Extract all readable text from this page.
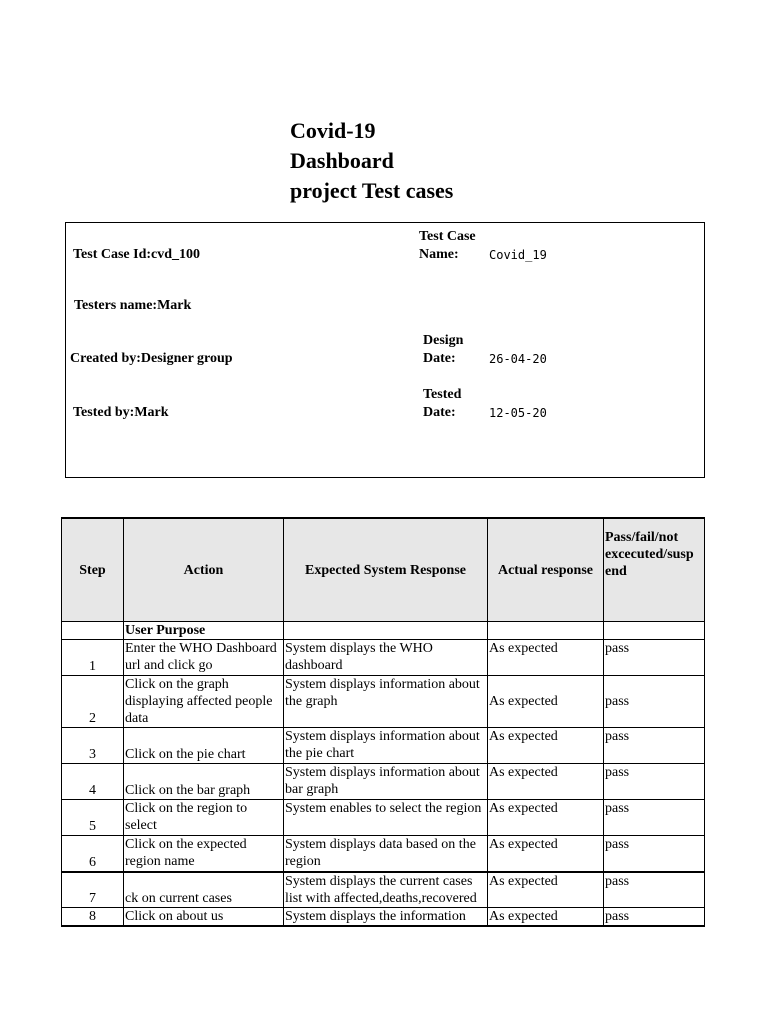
Covid-19
Dashboard
project Test cases
Test Case Id:cvd_100
Test Case
Name:	Covid_19
Testers name:Mark
Design
Date:	26-04-20
Created by:Designer group
Tested
Date:	12-05-20
Tested by:Mark
Step	Action	Expected System Response	Actual response	Pass/fail/not excecuted/susp end
	User Purpose			
1	Enter the WHO Dashboard url and click go	System displays the WHO dashboard	As expected	pass
2	Click on the graph displaying affected people data	System displays information about the graph	As expected	pass
3	Click on the pie chart	System displays information about the pie chart	As expected	pass
4	Click on the bar graph	System displays information about bar graph	As expected	pass
5	Click on the region to select	System enables to select the region	As expected	pass
6	Click on the expected region name	System displays data based on the region	As expected	pass
7	ck on current cases	System displays the current cases list with affected,deaths,recovered	As expected	pass
8	Click on about us	System displays the information	As expected	pass
